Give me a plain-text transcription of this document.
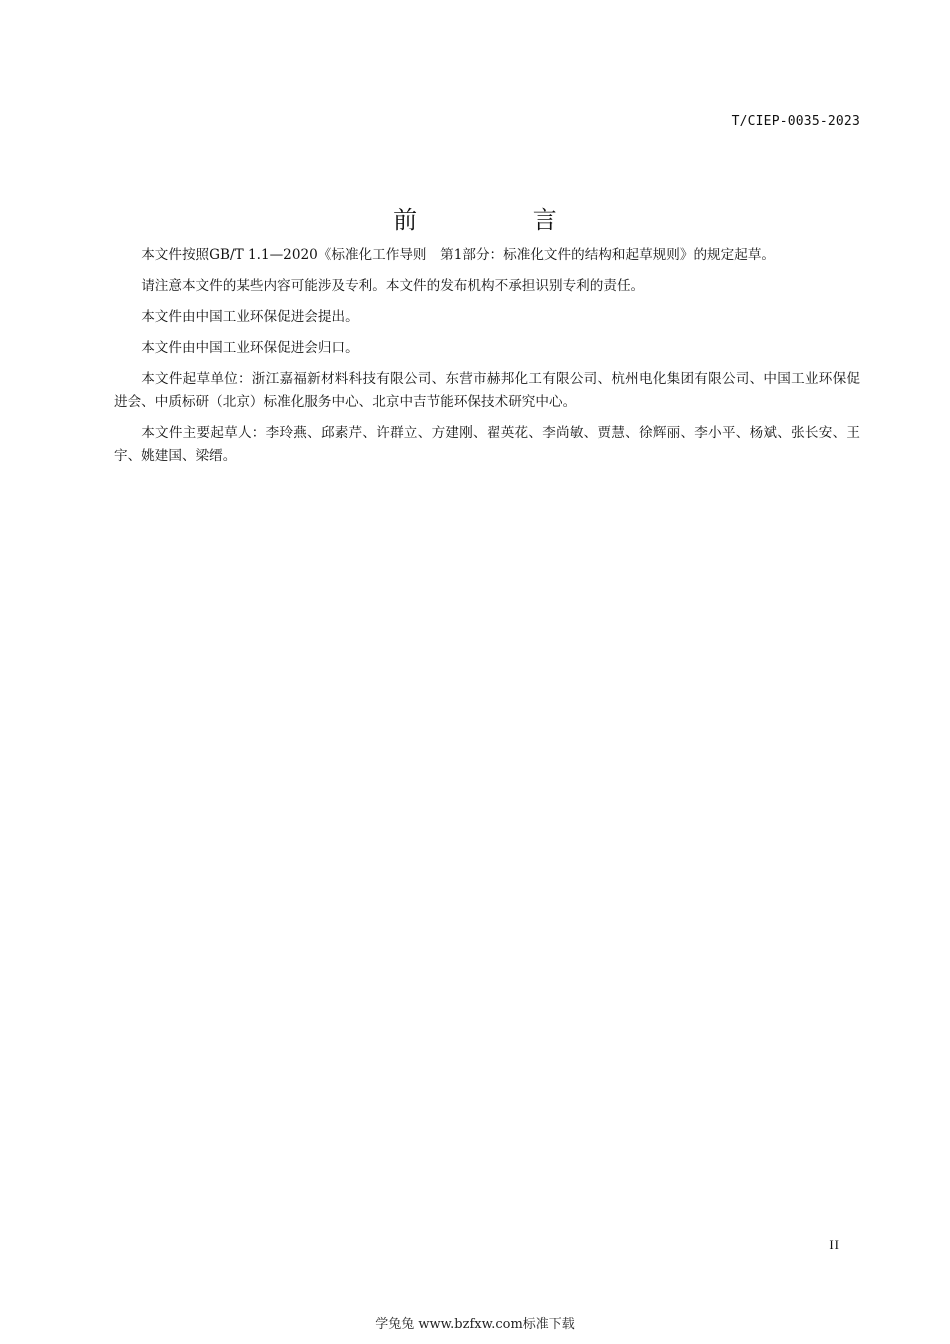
T/CIEP-0035-2023
前 言

本文件按照GB/T 1.1—2020《标准化工作导则　第1部分：标准化文件的结构和起草规则》的规定起草。

请注意本文件的某些内容可能涉及专利。本文件的发布机构不承担识别专利的责任。

本文件由中国工业环保促进会提出。

本文件由中国工业环保促进会归口。

本文件起草单位：浙江嘉福新材料科技有限公司、东营市赫邦化工有限公司、杭州电化集团有限公司、中国工业环保促进会、中质标研（北京）标准化服务中心、北京中吉节能环保技术研究中心。

本文件主要起草人：李玲燕、邱素芹、许群立、方建刚、翟英花、李尚敏、贾慧、徐辉丽、李小平、杨斌、张长安、王宇、姚建国、梁缙。

II
学兔兔 www.bzfxw.com标准下载
